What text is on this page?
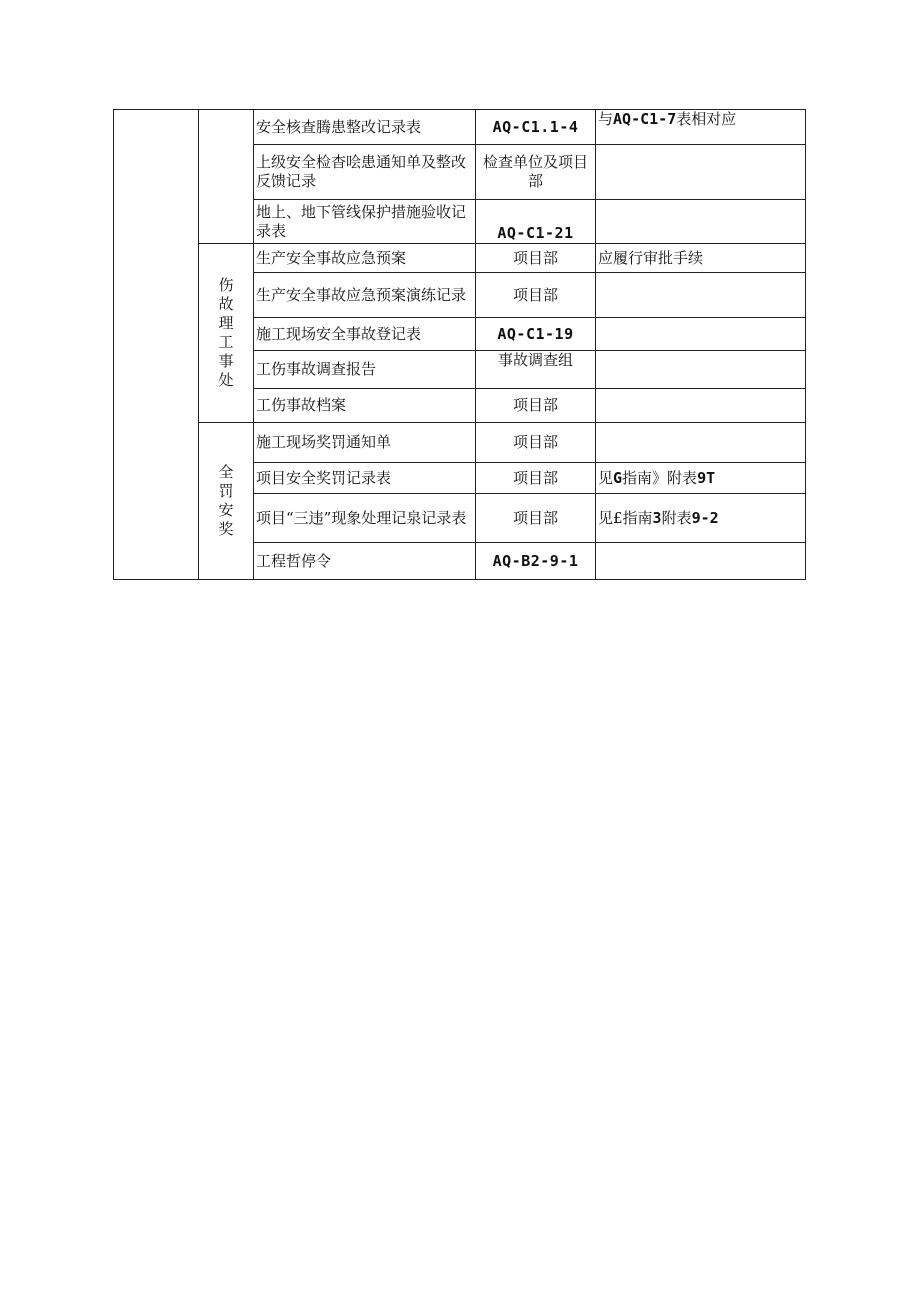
		安全核查腾患整改记录表	AQ-C1.1-4	与AQ-C1-7表相对应
		上级安全检杳哙患通知单及整改反馈记录	检查单位及项目部	
		地上、地下管线保护措施验收记录表	AQ-C1-21	
	伤故理工事处	生产安全事故应急预案	项目部	应履行审批手续
		生产安全事故应急预案演练记录	项目部	
		施工现场安全事故登记表	AQ-C1-19	
		工伤事故调查报告	事故调查组	
		工伤事故档案	项目部	
	全罚安奖	施工现场奖罚通知单	项目部	
		项目安全奖罚记录表	项目部	见G指南》附表9T
		项目“三违”现象处理记泉记录表	项目部	见£指南3附表9-2
		工程哲停令	AQ-B2-9-1	
